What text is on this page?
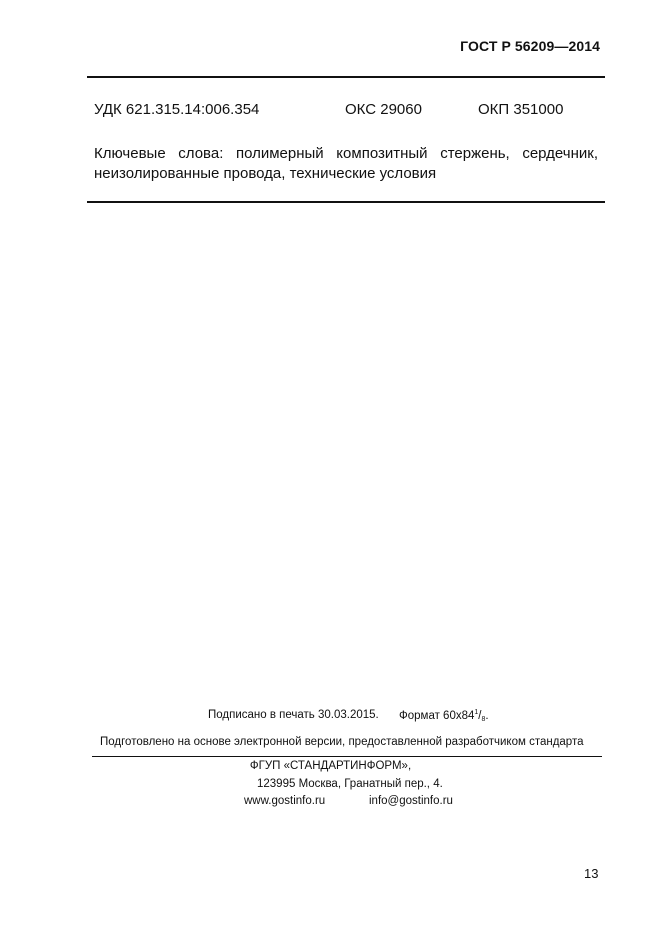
ГОСТ Р 56209—2014
УДК 621.315.14:006.354	ОКС 29060	ОКП 351000
Ключевые слова: полимерный композитный стержень, сердечник,
неизолированные провода, технические условия
Подписано в печать 30.03.2015. Формат $60х84^1/_8$.
Подготовлено на основе электронной версии, предоставленной разработчиком стандарта
ФГУП «СТАНДАРТИНФОРМ»,
123995 Москва, Гранатный пер., 4.
www.gostinfo.ru	info@gostinfo.ru
13
